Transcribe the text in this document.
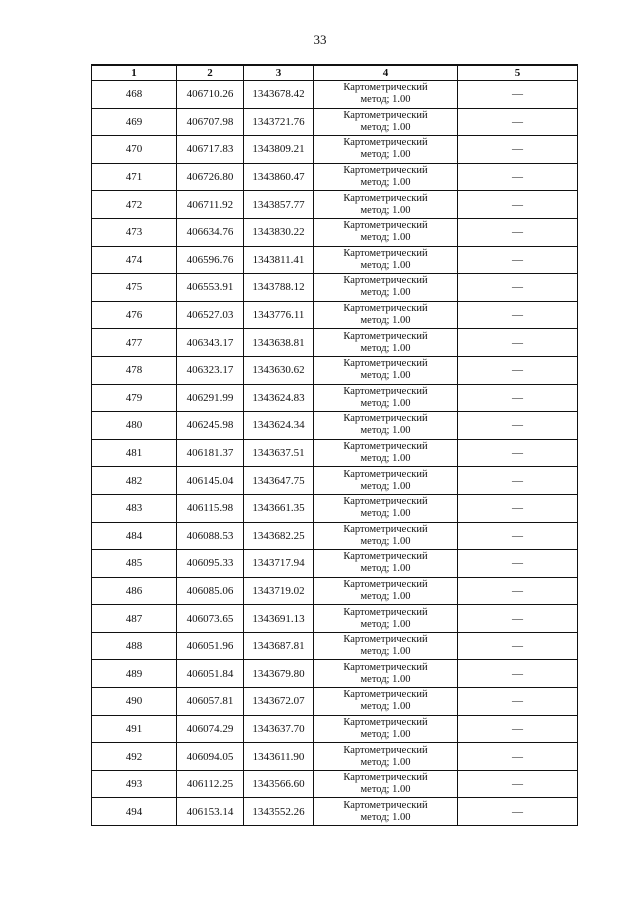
33
1	2	3	4	5
468	406710.26	1343678.42	Картометрический
метод; 1.00	—
469	406707.98	1343721.76	Картометрический
метод; 1.00	—
470	406717.83	1343809.21	Картометрический
метод; 1.00	—
471	406726.80	1343860.47	Картометрический
метод; 1.00	—
472	406711.92	1343857.77	Картометрический
метод; 1.00	—
473	406634.76	1343830.22	Картометрический
метод; 1.00	—
474	406596.76	1343811.41	Картометрический
метод; 1.00	—
475	406553.91	1343788.12	Картометрический
метод; 1.00	—
476	406527.03	1343776.11	Картометрический
метод; 1.00	—
477	406343.17	1343638.81	Картометрический
метод; 1.00	—
478	406323.17	1343630.62	Картометрический
метод; 1.00	—
479	406291.99	1343624.83	Картометрический
метод; 1.00	—
480	406245.98	1343624.34	Картометрический
метод; 1.00	—
481	406181.37	1343637.51	Картометрический
метод; 1.00	—
482	406145.04	1343647.75	Картометрический
метод; 1.00	—
483	406115.98	1343661.35	Картометрический
метод; 1.00	—
484	406088.53	1343682.25	Картометрический
метод; 1.00	—
485	406095.33	1343717.94	Картометрический
метод; 1.00	—
486	406085.06	1343719.02	Картометрический
метод; 1.00	—
487	406073.65	1343691.13	Картометрический
метод; 1.00	—
488	406051.96	1343687.81	Картометрический
метод; 1.00	—
489	406051.84	1343679.80	Картометрический
метод; 1.00	—
490	406057.81	1343672.07	Картометрический
метод; 1.00	—
491	406074.29	1343637.70	Картометрический
метод; 1.00	—
492	406094.05	1343611.90	Картометрический
метод; 1.00	—
493	406112.25	1343566.60	Картометрический
метод; 1.00	—
494	406153.14	1343552.26	Картометрический
метод; 1.00	—
